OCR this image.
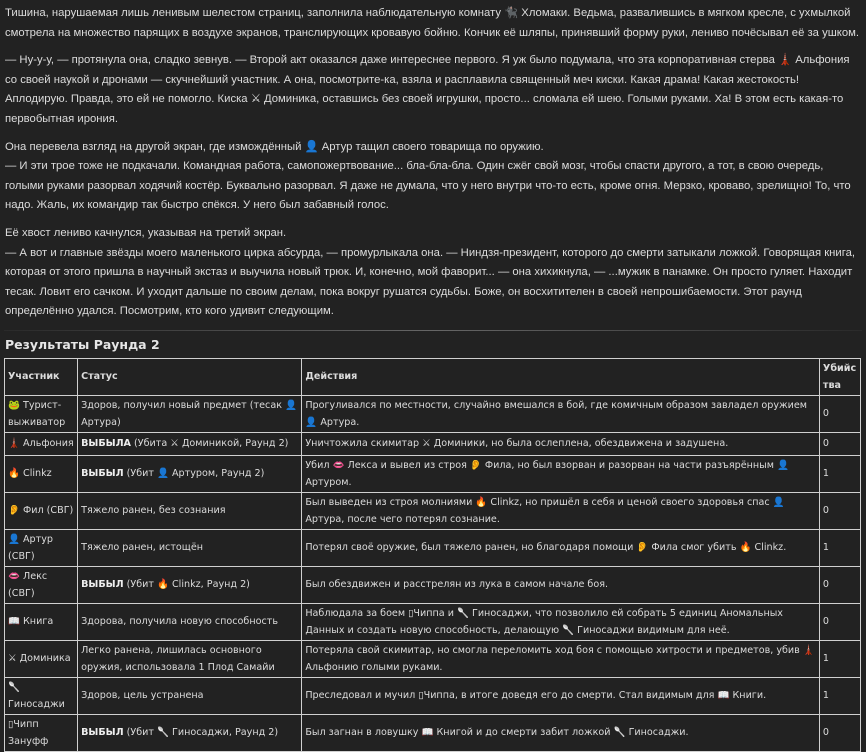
Тишина, нарушаемая лишь ленивым шелестом страниц, заполнила наблюдательную комнату 🐈‍⬛ Хломаки. Ведьма, развалившись в мягком кресле, с ухмылкой смотрела на множество парящих в воздухе экранов, транслирующих кровавую бойню. Кончик её шляпы, принявший форму руки, лениво почёсывал её за ушком.

— Ну-у-у, — протянула она, сладко зевнув. — Второй акт оказался даже интереснее первого. Я уж было подумала, что эта корпоративная стерва 🗼 Альфония со своей наукой и дронами — скучнейший участник. А она, посмотрите-ка, взяла и расплавила священный меч киски. Какая драма! Какая жестокость! Аплодирую. Правда, это ей не помогло. Киска ⚔ Доминика, оставшись без своей игрушки, просто... сломала ей шею. Голыми руками. Ха! В этом есть какая-то первобытная ирония.

Она перевела взгляд на другой экран, где измождённый 👤 Артур тащил своего товарища по оружию.
— И эти трое тоже не подкачали. Командная работа, самопожертвование... бла-бла-бла. Один сжёг свой мозг, чтобы спасти другого, а тот, в свою очередь, голыми руками разорвал ходячий костёр. Буквально разорвал. Я даже не думала, что у него внутри что-то есть, кроме огня. Мерзко, кроваво, зрелищно! То, что надо. Жаль, их командир так быстро спёкся. У него был забавный голос.

Её хвост лениво качнулся, указывая на третий экран.
— А вот и главные звёзды моего маленького цирка абсурда, — промурлыкала она. — Ниндзя-президент, которого до смерти затыкали ложкой. Говорящая книга, которая от этого пришла в научный экстаз и выучила новый трюк. И, конечно, мой фаворит... — она хихикнула, — ...мужик в панамке. Он просто гуляет. Находит тесак. Ловит его сачком. И уходит дальше по своим делам, пока вокруг рушатся судьбы. Боже, он восхитителен в своей непрошибаемости. Этот раунд определённо удался. Посмотрим, кто кого удивит следующим.

Результаты Раунда 2
Участник	Статус	Действия	Убийства
🐸 Турист-выживатор	Здоров, получил новый предмет (тесак 👤 Артура)	Прогуливался по местности, случайно вмешался в бой, где комичным образом завладел оружием 👤 Артура.	0
🗼 Альфония	ВЫБЫЛА (Убита ⚔ Доминикой, Раунд 2)	Уничтожила скимитар ⚔ Доминики, но была ослеплена, обездвижена и задушена.	0
🔥 Clinkz	ВЫБЫЛ (Убит 👤 Артуром, Раунд 2)	Убил 👄 Лекса и вывел из строя 👂 Фила, но был взорван и разорван на части разъярённым 👤 Артуром.	1
👂 Фил (СВГ)	Тяжело ранен, без сознания	Был выведен из строя молниями 🔥 Clinkz, но пришёл в себя и ценой своего здоровья спас 👤 Артура, после чего потерял сознание.	0
👤 Артур (СВГ)	Тяжело ранен, истощён	Потерял своё оружие, был тяжело ранен, но благодаря помощи 👂 Фила смог убить 🔥 Clinkz.	1
👄 Лекс (СВГ)	ВЫБЫЛ (Убит 🔥 Clinkz, Раунд 2)	Был обездвижен и расстрелян из лука в самом начале боя.	0
📖 Книга	Здорова, получила новую способность	Наблюдала за боем ▯Чиппа и 🥄 Гиносаджи, что позволило ей собрать 5 единиц Аномальных Данных и создать новую способность, делающую 🥄 Гиносаджи видимым для неё.	0
⚔ Доминика	Легко ранена, лишилась основного оружия, использовала 1 Плод Самайи	Потеряла свой скимитар, но смогла переломить ход боя с помощью хитрости и предметов, убив 🗼 Альфонию голыми руками.	1
🥄 Гиносаджи	Здоров, цель устранена	Преследовал и мучил ▯Чиппа, в итоге доведя его до смерти. Стал видимым для 📖 Книги.	1
▯Чипп Зануфф	ВЫБЫЛ (Убит 🥄 Гиносаджи, Раунд 2)	Был загнан в ловушку 📖 Книгой и до смерти забит ложкой 🥄 Гиносаджи.	0
